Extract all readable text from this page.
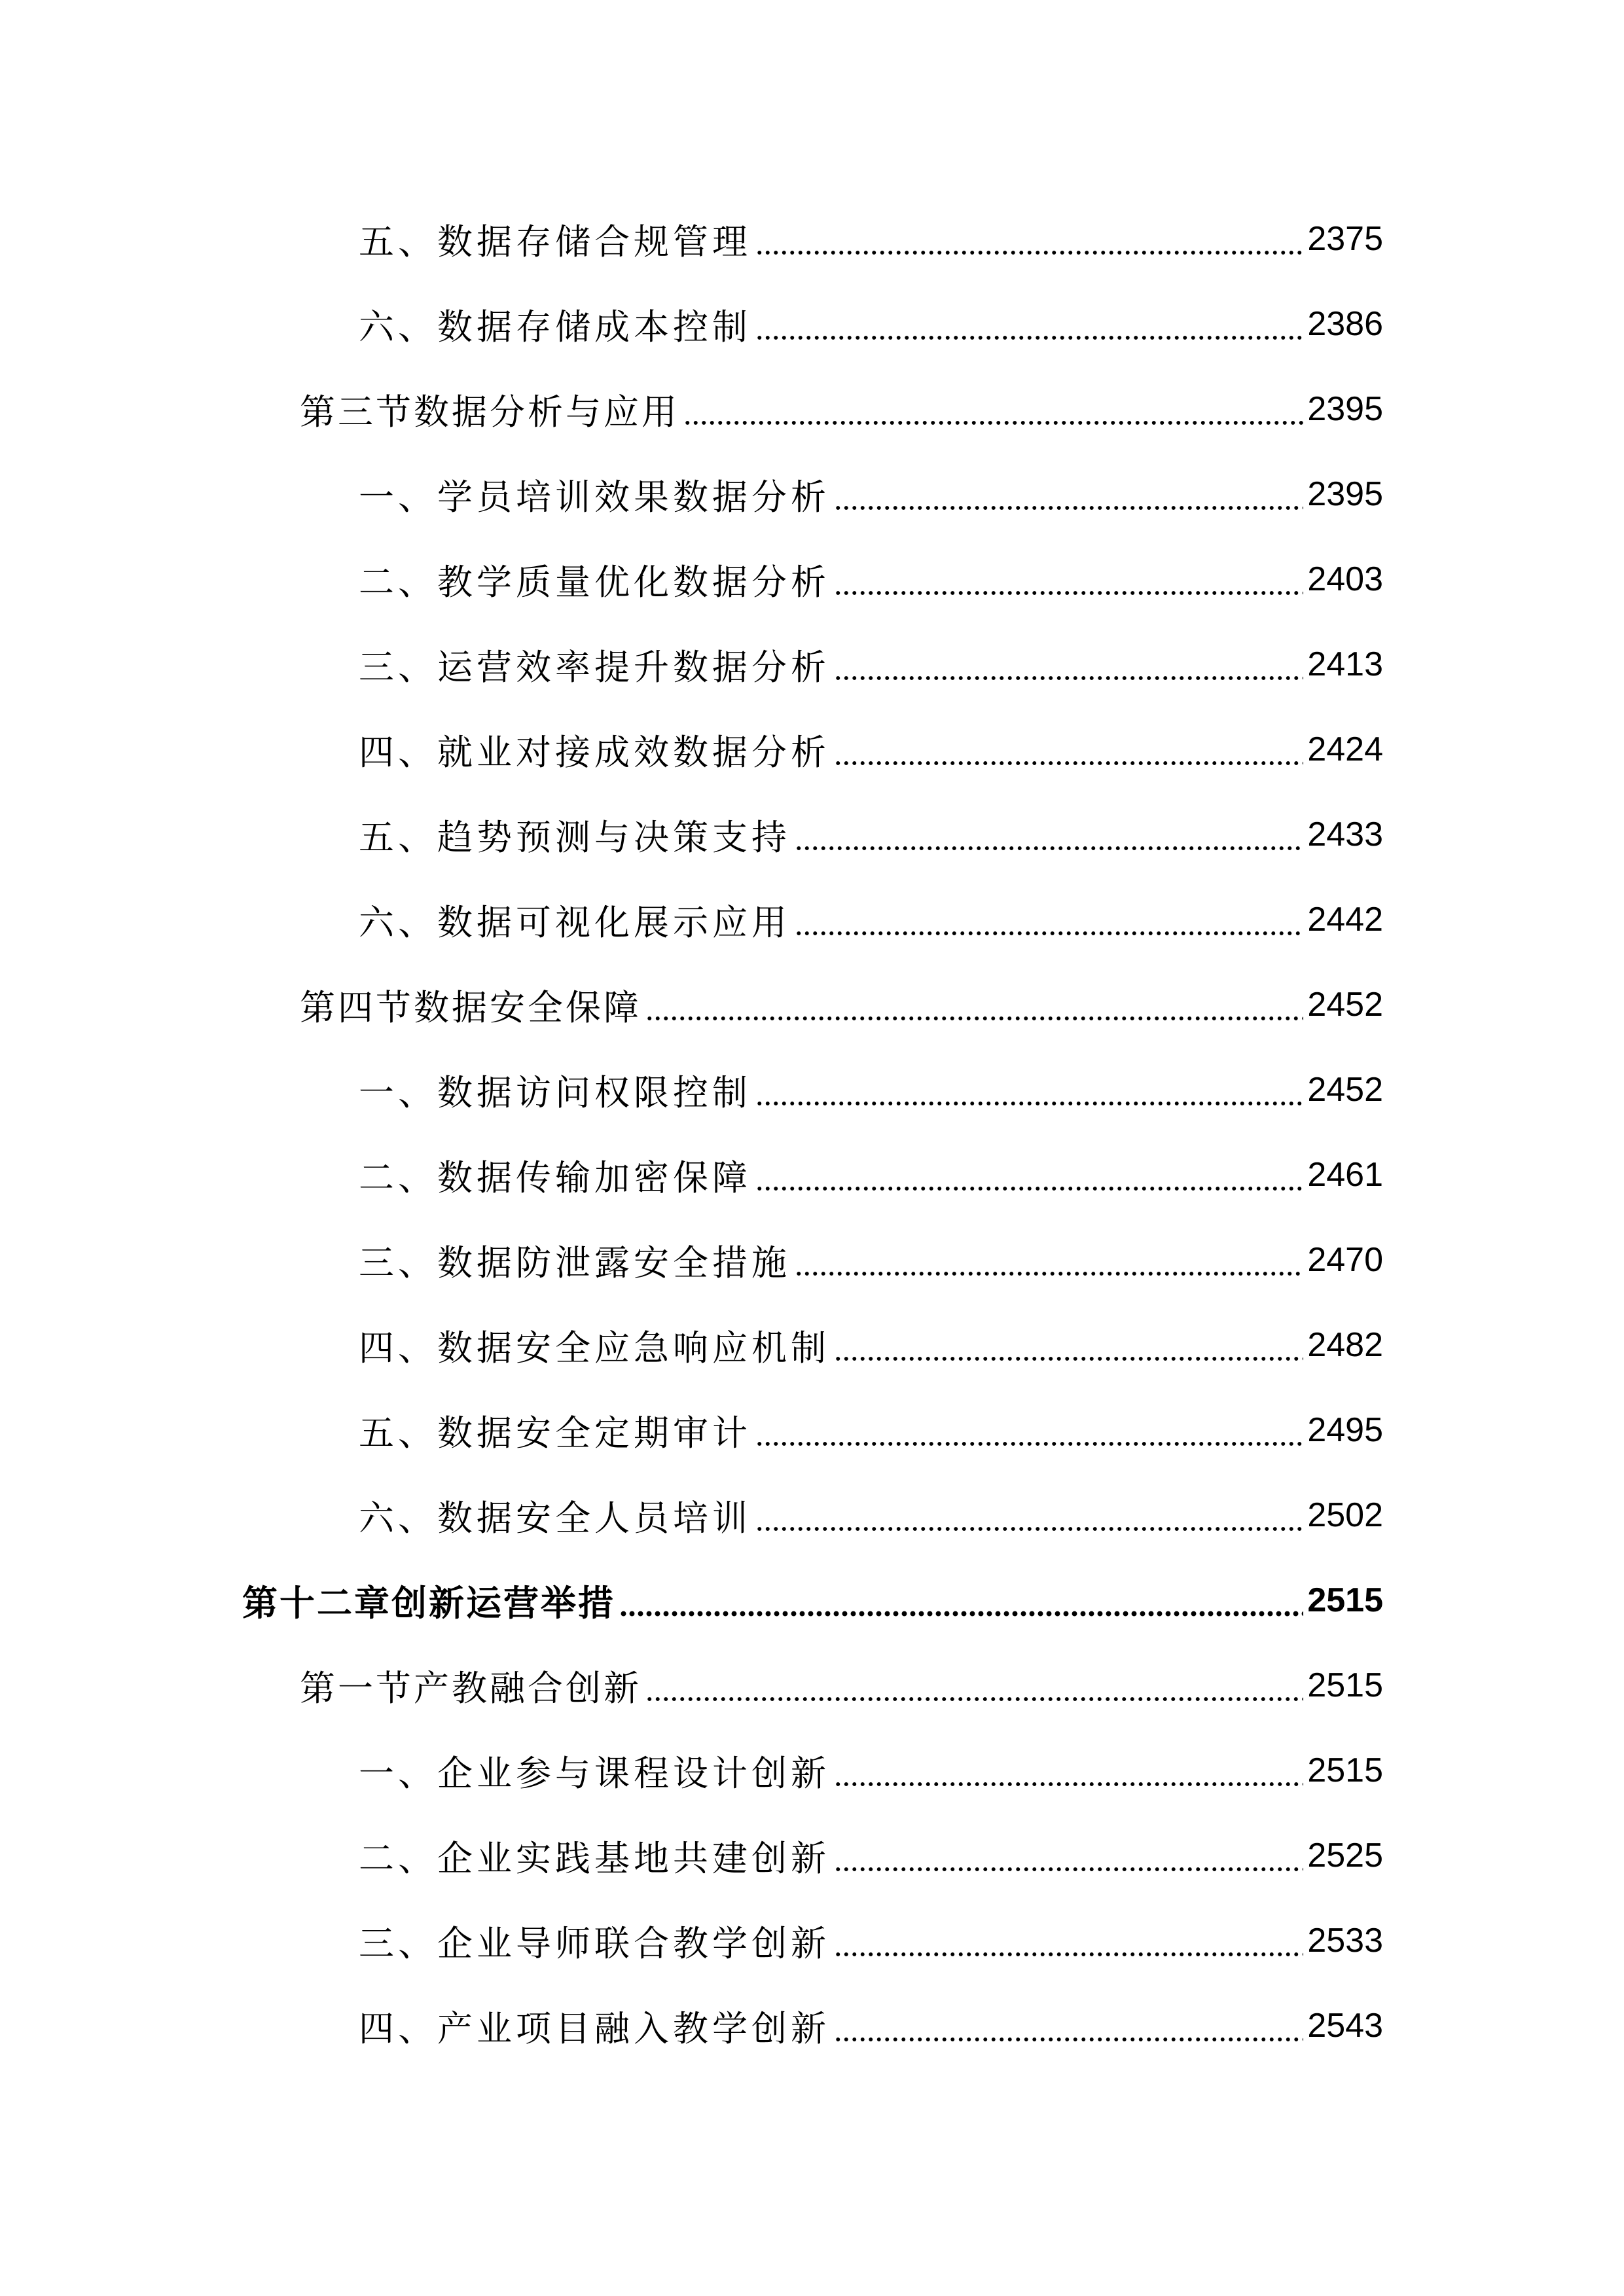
五、数据存储合规管理	2375
六、数据存储成本控制	2386
第三节数据分析与应用	2395
一、学员培训效果数据分析	2395
二、教学质量优化数据分析	2403
三、运营效率提升数据分析	2413
四、就业对接成效数据分析	2424
五、趋势预测与决策支持	2433
六、数据可视化展示应用	2442
第四节数据安全保障	2452
一、数据访问权限控制	2452
二、数据传输加密保障	2461
三、数据防泄露安全措施	2470
四、数据安全应急响应机制	2482
五、数据安全定期审计	2495
六、数据安全人员培训	2502
第十二章创新运营举措	2515
第一节产教融合创新	2515
一、企业参与课程设计创新	2515
二、企业实践基地共建创新	2525
三、企业导师联合教学创新	2533
四、产业项目融入教学创新	2543
